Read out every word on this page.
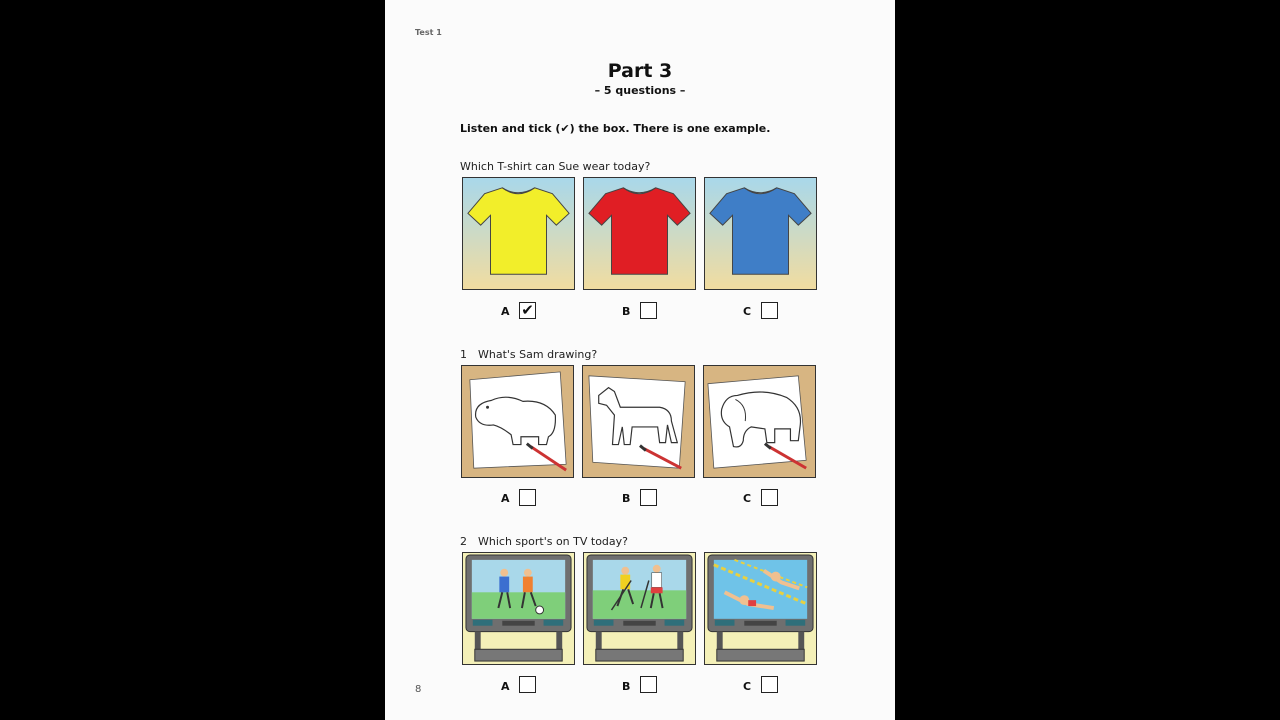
Test 1
Part 3
– 5 questions –
Listen and tick (✔) the box. There is one example.
Which T-shirt can Sue wear today?
A ✔	B	C
1 What's Sam drawing?
A	B	C
2 Which sport's on TV today?
A	B	C
8
